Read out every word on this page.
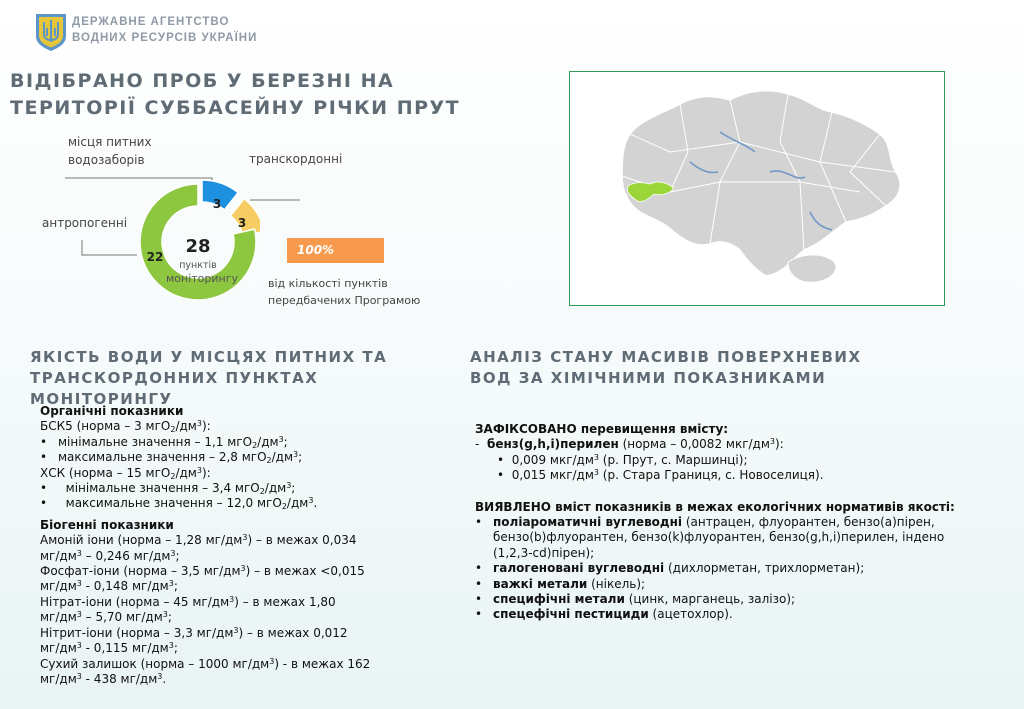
ДЕРЖАВНЕ АГЕНТСТВО
ВОДНИХ РЕСУРСІВ УКРАЇНИ
ВІДІБРАНО ПРОБ У БЕРЕЗНІ НА
ТЕРИТОРІЇ СУББАСЕЙНУ РІЧКИ ПРУТ
місця питних
водозаборів	транскордонні
антропогенні
28
пунктів
моніторингу
22
3
3
100%
від кількості пунктів
передбачених Програмою
ЯКІСТЬ ВОДИ У МІСЦЯХ ПИТНИХ ТА
ТРАНСКОРДОННИХ ПУНКТАХ МОНІТОРИНГУ
АНАЛІЗ СТАНУ МАСИВІВ ПОВЕРХНЕВИХ
ВОД ЗА ХІМІЧНИМИ ПОКАЗНИКАМИ
Органічні показники
БСК5 (норма – 3 $мгО_2/дм^3$):
• мінімальне значення – 1,1 $мгО_2/дм^3$;
• максимальне значення – 2,8 $мгО_2/дм^3$;
ХСК (норма – 15 $мгО_2/дм^3$):
•	мінімальне значення – 3,4 $мгО_2/дм^3$;
•	максимальне значення – 12,0 $мгО_2/дм^3$.
Біогенні показники
Амоній іони (норма – 1,28 $мг/дм^3$) – в межах 0,034
$мг/дм^3 - 0,246$ $мг/дм^3$;
Фосфат-іони (норма – 3,5 $мг/дм^3$) – в межах <0,015
$мг/дм^3 - 0,148$ $мг/дм^3$;
Нітрат-іони (норма – 45 $мг/дм^3$) – в межах 1,80
$мг/дм^3 - 5,70$ $мг/дм^3$;
Нітрит-іони (норма – 3,3 $мг/дм^3$) – в межах 0,012
$мг/дм^3 - 0,115$ $мг/дм^3$;
Сухий залишок (норма – 1000 $мг/дм^3$) - в межах 162
$мг/дм^3 - 438$ $мг/дм^3$.
ЗАФІКСОВАНО перевищення вмісту:
- бенз(g,h,i)перилен (норма – 0,0082 мкг/$дм^3$):
• 0,009 мкг/$дм^3$ (р. Прут, с. Маршинці);
• 0,015 мкг/$дм^3$ (р. Стара Границя, с. Новоселиця).
ВИЯВЛЕНО вміст показників в межах екологічних нормативів якості:
• поліароматичні вуглеводні (антрацен, флуорантен, бензо(а)пірен,
бензо(b)флуорантен, бензо(k)флуорантен, бензо(g,h,i)перилен, індено
(1,2,3-cd)пірен);
• галогеновані вуглеводні (дихлорметан, трихлорметан);
• важкі метали (нікель);
• специфічні метали (цинк, марганець, залізо);
• спецефічні пестициди (ацетохлор).
